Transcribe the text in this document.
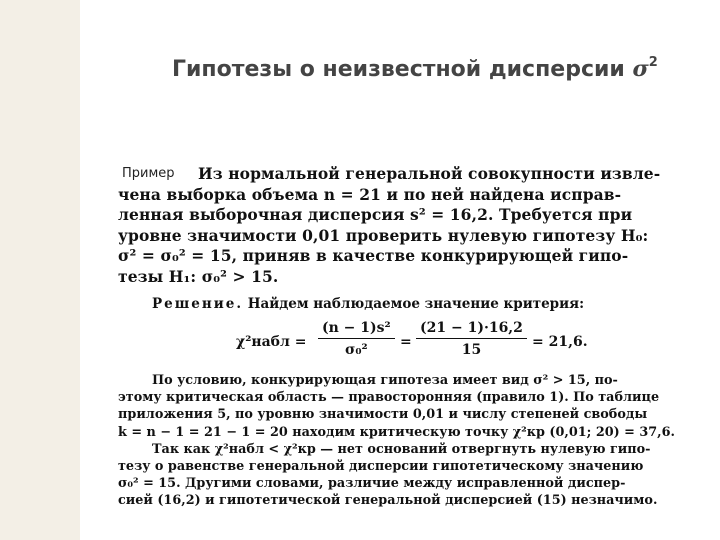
Гипотезы о неизвестной дисперсии $\sigma^2$
Пример	Из нормальной генеральной совокупности извле-
чена выборка объема n = 21 и по ней найдена исправ-
ленная выборочная дисперсия s² = 16,2. Требуется при
уровне значимости 0,01 проверить нулевую гипотезу H₀:
σ² = σ₀² = 15, приняв в качестве конкурирующей гипо-
тезы H₁: σ₀² > 15.
Решение. Найдем наблюдаемое значение критерия:
χ²набл = $\frac{\text{(n − 1)s²}}{\text{σ₀²}} = \frac{(21 - 1)\cdot 16,2}{15} = 21,6$.
По условию, конкурирующая гипотеза имеет вид σ² > 15, по-
этому критическая область — правосторонняя (правило 1). По таблице
приложения 5, по уровню значимости 0,01 и числу степеней свободы
k = n − 1 = 21 − 1 = 20 находим критическую точку χ²кр (0,01; 20) = 37,6.
Так как χ²набл < χ²кр — нет оснований отвергнуть нулевую гипо-
тезу о равенстве генеральной дисперсии гипотетическому значению
σ₀² = 15. Другими словами, различие между исправленной диспер-
сией (16,2) и гипотетической генеральной дисперсией (15) незначимо.
